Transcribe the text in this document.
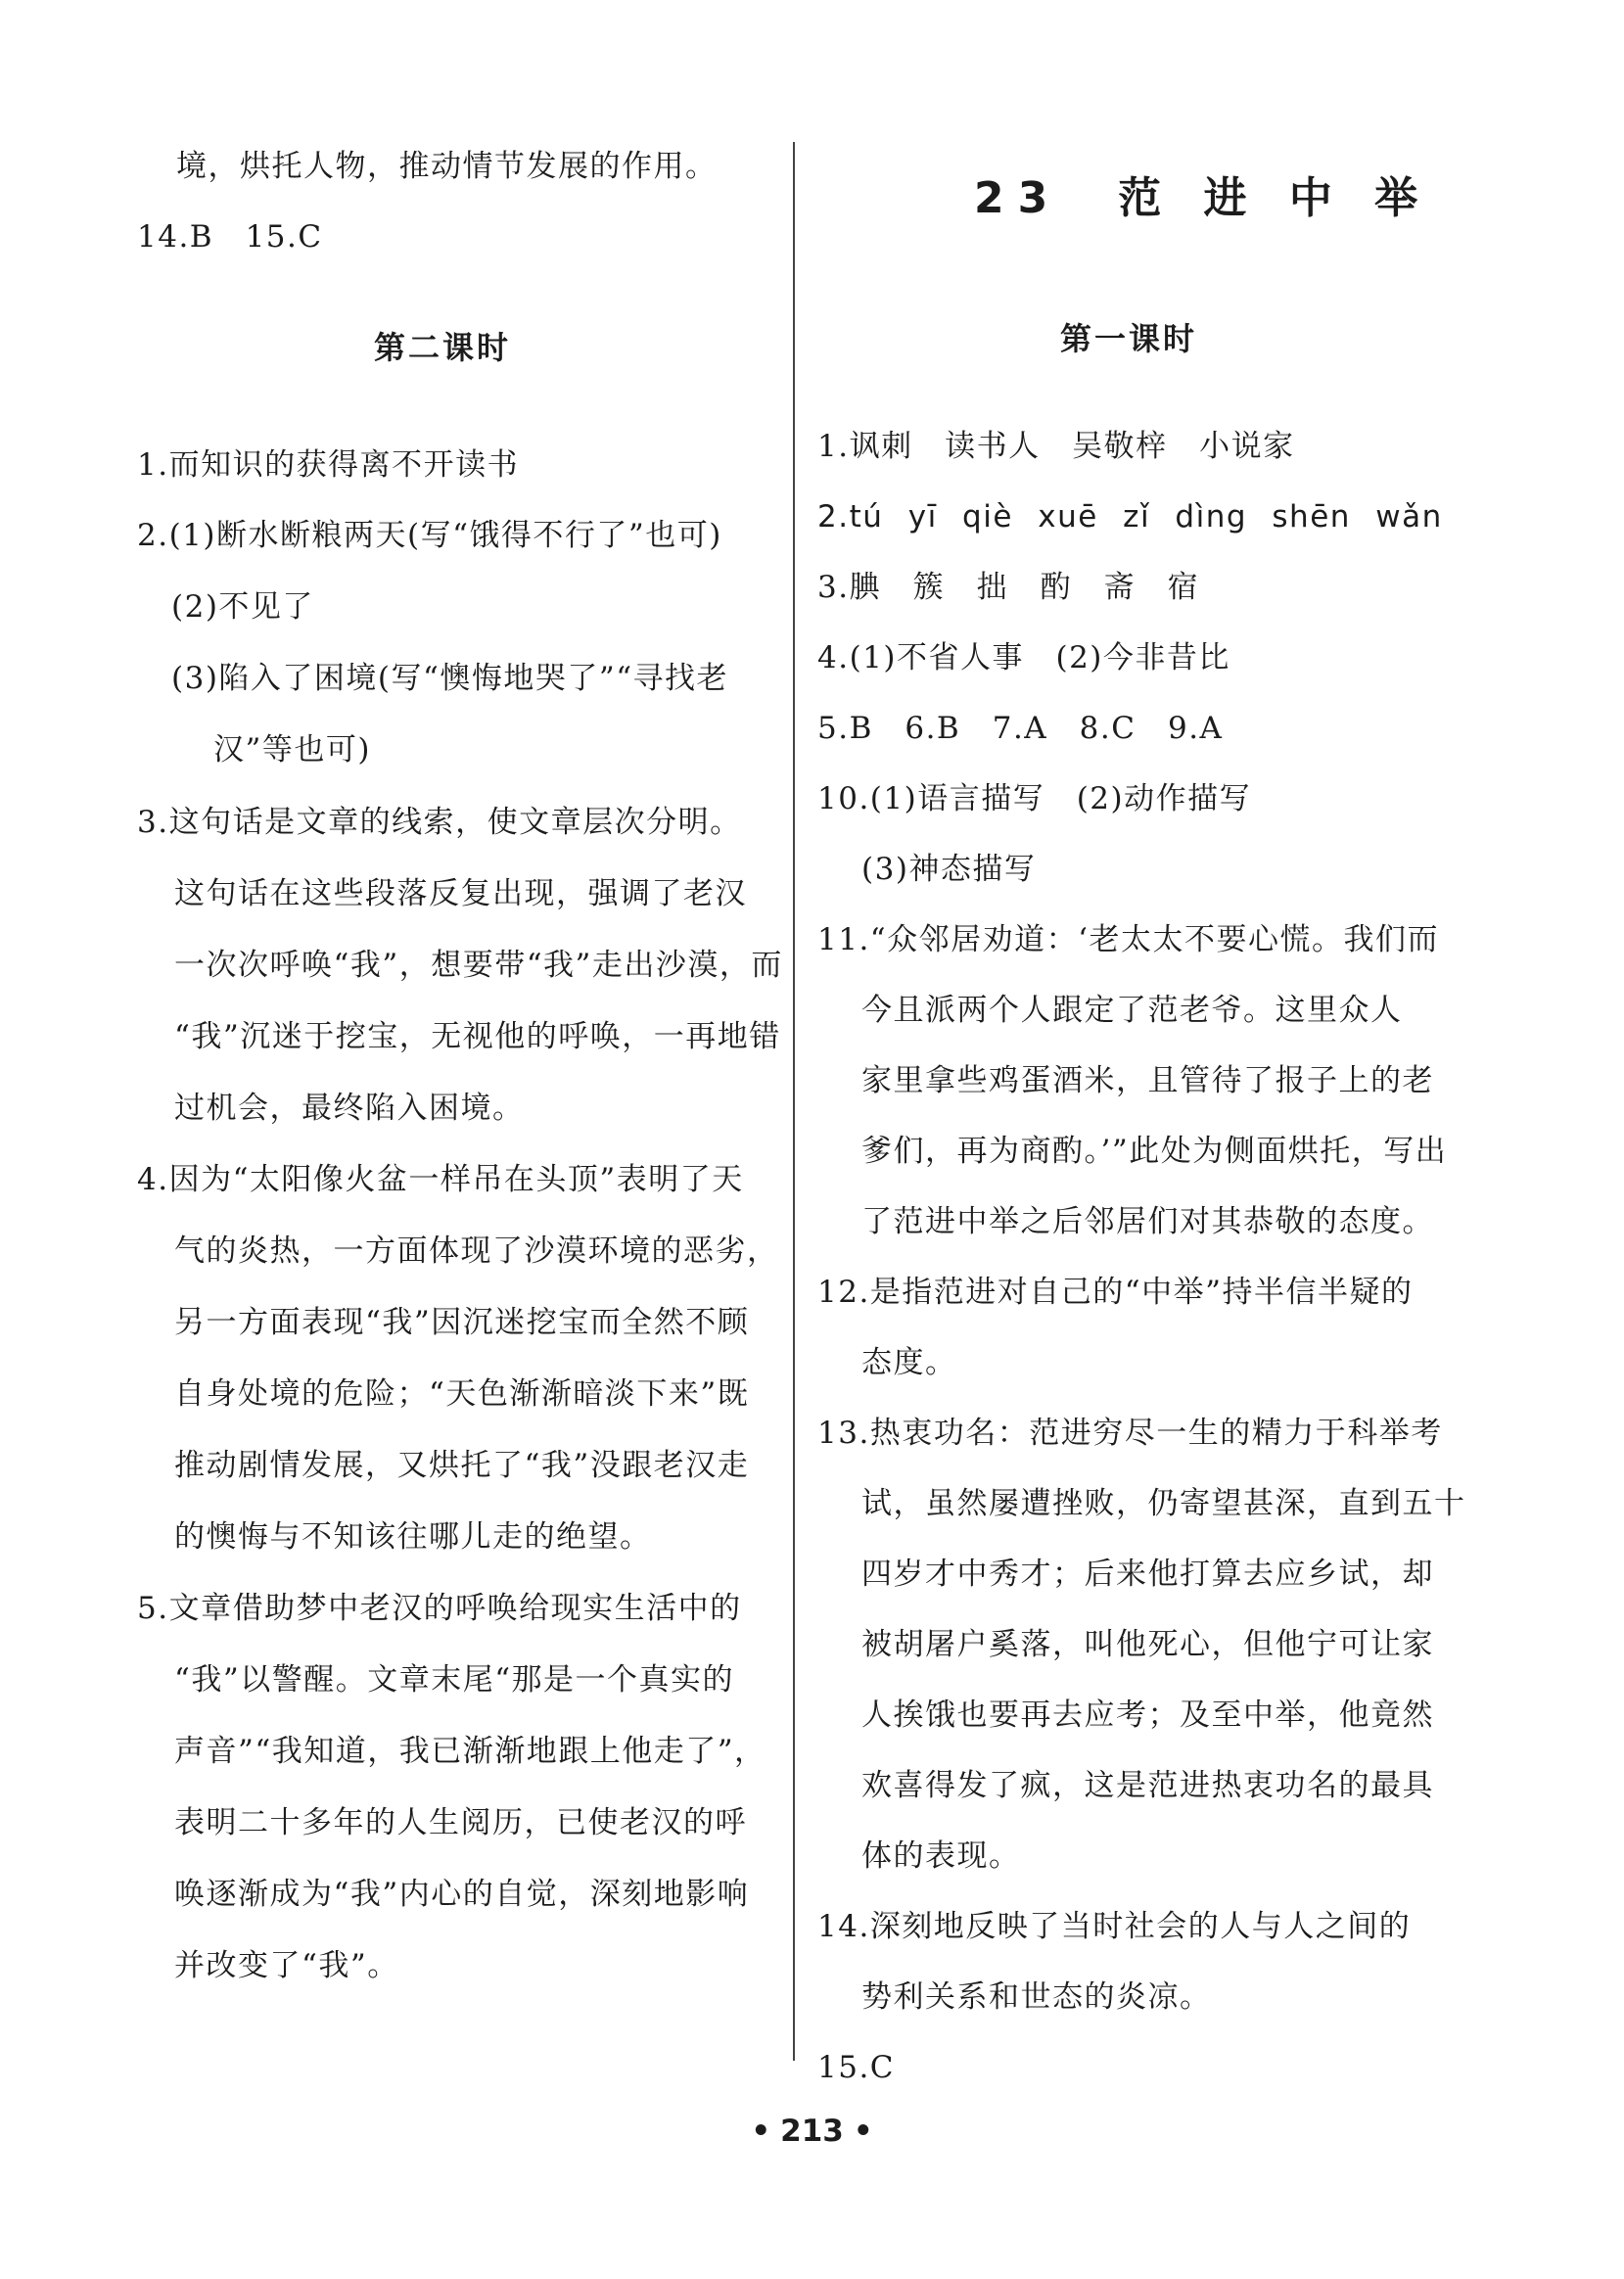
境，烘托人物，推动情节发展的作用。
14.B　15.C
第二课时
1.而知识的获得离不开读书
2.(1)断水断粮两天(写“饿得不行了”也可)
(2)不见了
(3)陷入了困境(写“懊悔地哭了”“寻找老
汉”等也可)
3.这句话是文章的线索，使文章层次分明。
这句话在这些段落反复出现，强调了老汉
一次次呼唤“我”，想要带“我”走出沙漠，而
“我”沉迷于挖宝，无视他的呼唤，一再地错
过机会，最终陷入困境。
4.因为“太阳像火盆一样吊在头顶”表明了天
气的炎热，一方面体现了沙漠环境的恶劣，
另一方面表现“我”因沉迷挖宝而全然不顾
自身处境的危险；“天色渐渐暗淡下来”既
推动剧情发展，又烘托了“我”没跟老汉走
的懊悔与不知该往哪儿走的绝望。
5.文章借助梦中老汉的呼唤给现实生活中的
“我”以警醒。文章末尾“那是一个真实的
声音”“我知道，我已渐渐地跟上他走了”，
表明二十多年的人生阅历，已使老汉的呼
唤逐渐成为“我”内心的自觉，深刻地影响
并改变了“我”。
23　范 进 中 举
第一课时
1.讽刺　读书人　吴敬梓　小说家
2.tú yī qiè xuē zǐ dìng shēn wǎn
3.腆　簇　拙　酌　斋　宿
4.(1)不省人事　(2)今非昔比
5.B　6.B　7.A　8.C　9.A
10.(1)语言描写　(2)动作描写
(3)神态描写
11.“众邻居劝道：‘老太太不要心慌。我们而
今且派两个人跟定了范老爷。这里众人
家里拿些鸡蛋酒米，且管待了报子上的老
爹们，再为商酌。’”此处为侧面烘托，写出
了范进中举之后邻居们对其恭敬的态度。
12.是指范进对自己的“中举”持半信半疑的
态度。
13.热衷功名：范进穷尽一生的精力于科举考
试，虽然屡遭挫败，仍寄望甚深，直到五十
四岁才中秀才；后来他打算去应乡试，却
被胡屠户奚落，叫他死心，但他宁可让家
人挨饿也要再去应考；及至中举，他竟然
欢喜得发了疯，这是范进热衷功名的最具
体的表现。
14.深刻地反映了当时社会的人与人之间的
势利关系和世态的炎凉。
15.C
• 213 •
